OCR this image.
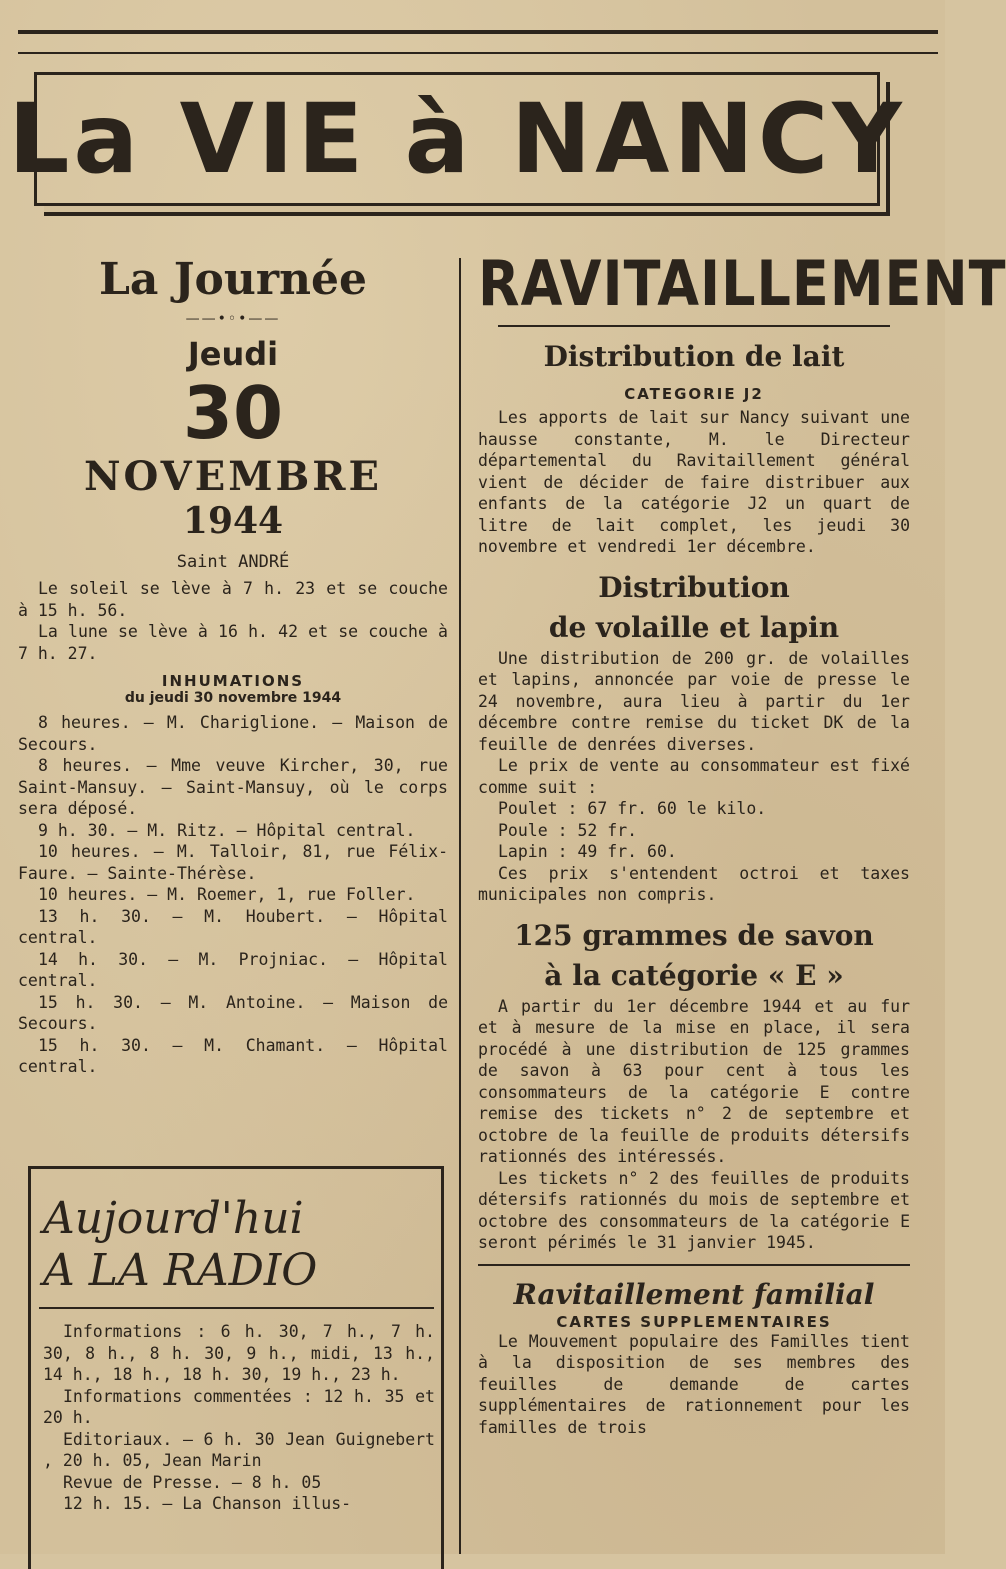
La VIE à NANCY

La Journée

——•◦•——

Jeudi

30

NOVEMBRE

1944

Saint ANDRÉ

Le soleil se lève à 7 h. 23 et se couche à 15 h. 56.

La lune se lève à 16 h. 42 et se couche à 7 h. 27.

INHUMATIONS

du jeudi 30 novembre 1944

8 heures. — M. Chariglione. — Maison de Secours.

8 heures. — Mme veuve Kircher, 30, rue Saint-Mansuy. — Saint-Mansuy, où le corps sera déposé.

9 h. 30. — M. Ritz. — Hôpital central.

10 heures. — M. Talloir, 81, rue Félix-Faure. — Sainte-Thérèse.

10 heures. — M. Roemer, 1, rue Foller.

13 h. 30. — M. Houbert. — Hôpital central.

14 h. 30. — M. Projniac. — Hôpital central.

15 h. 30. — M. Antoine. — Maison de Secours.

15 h. 30. — M. Chamant. — Hôpital central.

Aujourd'hui
A LA RADIO

Informations : 6 h. 30, 7 h., 7 h. 30, 8 h., 8 h. 30, 9 h., midi, 13 h., 14 h., 18 h., 18 h. 30, 19 h., 23 h.

Informations commentées : 12 h. 35 et 20 h.

Editoriaux. — 6 h. 30 Jean Guignebert , 20 h. 05, Jean Marin

Revue de Presse. — 8 h. 05

12 h. 15. — La Chanson illus-

RAVITAILLEMENT

Distribution de lait

CATEGORIE J2

Les apports de lait sur Nancy suivant une hausse constante, M. le Directeur départemental du Ravitaillement général vient de décider de faire distribuer aux enfants de la catégorie J2 un quart de litre de lait complet, les jeudi 30 novembre et vendredi 1er décembre.

Distribution
de volaille et lapin

Une distribution de 200 gr. de volailles et lapins, annoncée par voie de presse le 24 novembre, aura lieu à partir du 1er décembre contre remise du ticket DK de la feuille de denrées diverses.

Le prix de vente au consommateur est fixé comme suit :

Poulet : 67 fr. 60 le kilo.

Poule : 52 fr.

Lapin : 49 fr. 60.

Ces prix s'entendent octroi et taxes municipales non compris.

125 grammes de savon
à la catégorie « E »

A partir du 1er décembre 1944 et au fur et à mesure de la mise en place, il sera procédé à une distribution de 125 grammes de savon à 63 pour cent à tous les consommateurs de la catégorie E contre remise des tickets n° 2 de septembre et octobre de la feuille de produits détersifs rationnés des intéressés.

Les tickets n° 2 des feuilles de produits détersifs rationnés du mois de septembre et octobre des consommateurs de la catégorie E seront périmés le 31 janvier 1945.

Ravitaillement familial

CARTES SUPPLEMENTAIRES

Le Mouvement populaire des Familles tient à la disposition de ses membres des feuilles de demande de cartes supplémentaires de rationnement pour les familles de trois
